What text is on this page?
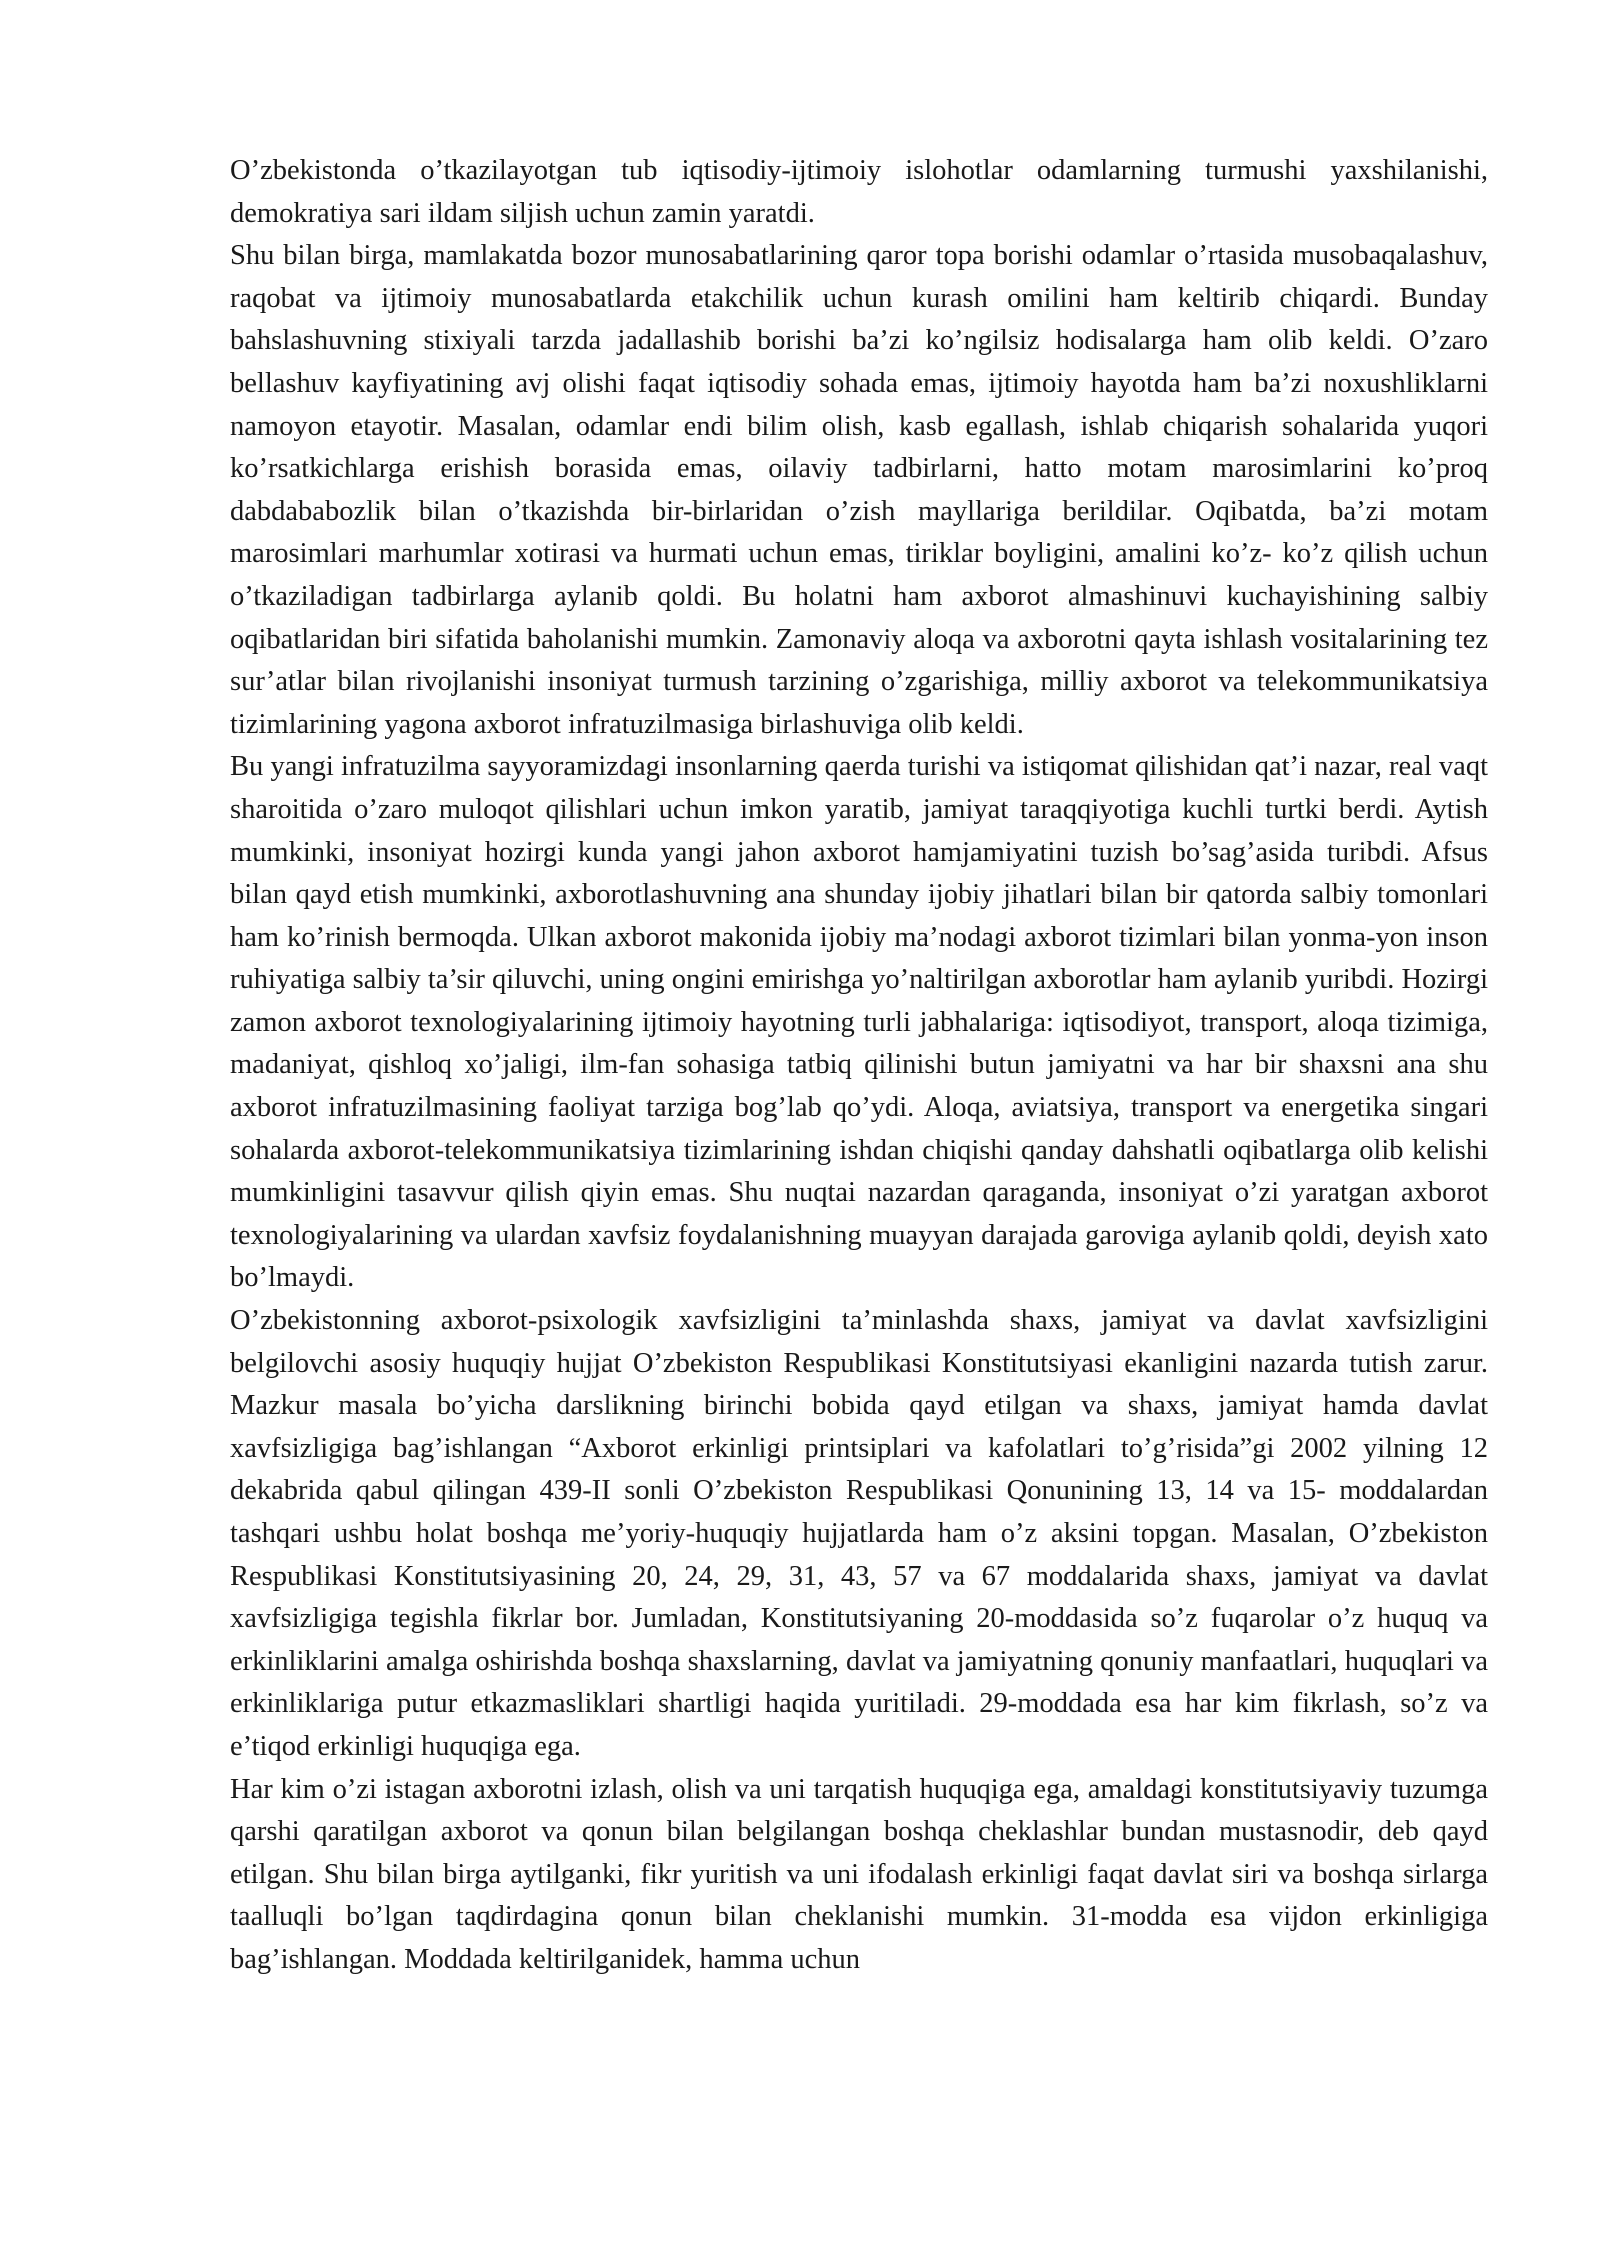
O’zbekistonda o’tkazilayotgan tub iqtisodiy-ijtimoiy islohotlar odamlarning turmushi yaxshilanishi, demokratiya sari ildam siljish uchun zamin yaratdi.

Shu bilan birga, mamlakatda bozor munosabatlarining qaror topa borishi odamlar o’rtasida musobaqalashuv, raqobat va ijtimoiy munosabatlarda etakchilik uchun kurash omilini ham keltirib chiqardi. Bunday bahslashuvning stixiyali tarzda jadallashib borishi ba’zi ko’ngilsiz hodisalarga ham olib keldi. O’zaro bellashuv kayfiyatining avj olishi faqat iqtisodiy sohada emas, ijtimoiy hayotda ham ba’zi noxushliklarni namoyon etayotir. Masalan, odamlar endi bilim olish, kasb egallash, ishlab chiqarish sohalarida yuqori ko’rsatkichlarga erishish borasida emas, oilaviy tadbirlarni, hatto motam marosimlarini ko’proq dabdababozlik bilan o’tkazishda bir-birlaridan o’zish mayllariga berildilar. Oqibatda, ba’zi motam marosimlari marhumlar xotirasi va hurmati uchun emas, tiriklar boyligini, amalini ko’z- ko’z qilish uchun o’tkaziladigan tadbirlarga aylanib qoldi. Bu holatni ham axborot almashinuvi kuchayishining salbiy oqibatlaridan biri sifatida baholanishi mumkin. Zamonaviy aloqa va axborotni qayta ishlash vositalarining tez sur’atlar bilan rivojlanishi insoniyat turmush tarzining o’zgarishiga, milliy axborot va telekommunikatsiya tizimlarining yagona axborot infratuzilmasiga birlashuviga olib keldi.

Bu yangi infratuzilma sayyoramizdagi insonlarning qaerda turishi va istiqomat qilishidan qat’i nazar, real vaqt sharoitida o’zaro muloqot qilishlari uchun imkon yaratib, jamiyat taraqqiyotiga kuchli turtki berdi. Aytish mumkinki, insoniyat hozirgi kunda yangi jahon axborot hamjamiyatini tuzish bo’sag’asida turibdi. Afsus bilan qayd etish mumkinki, axborotlashuvning ana shunday ijobiy jihatlari bilan bir qatorda salbiy tomonlari ham ko’rinish bermoqda. Ulkan axborot makonida ijobiy ma’nodagi axborot tizimlari bilan yonma-yon inson ruhiyatiga salbiy ta’sir qiluvchi, uning ongini emirishga yo’naltirilgan axborotlar ham aylanib yuribdi. Hozirgi zamon axborot texnologiyalarining ijtimoiy hayotning turli jabhalariga: iqtisodiyot, transport, aloqa tizimiga, madaniyat, qishloq xo’jaligi, ilm-fan sohasiga tatbiq qilinishi butun jamiyatni va har bir shaxsni ana shu axborot infratuzilmasining faoliyat tarziga bog’lab qo’ydi. Aloqa, aviatsiya, transport va energetika singari sohalarda axborot-telekommunikatsiya tizimlarining ishdan chiqishi qanday dahshatli oqibatlarga olib kelishi mumkinligini tasavvur qilish qiyin emas. Shu nuqtai nazardan qaraganda, insoniyat o’zi yaratgan axborot texnologiyalarining va ulardan xavfsiz foydalanishning muayyan darajada garoviga aylanib qoldi, deyish xato bo’lmaydi.

O’zbekistonning axborot-psixologik xavfsizligini ta’minlashda shaxs, jamiyat va davlat xavfsizligini belgilovchi asosiy huquqiy hujjat O’zbekiston Respublikasi Konstitutsiyasi ekanligini nazarda tutish zarur. Mazkur masala bo’yicha darslikning birinchi bobida qayd etilgan va shaxs, jamiyat hamda davlat xavfsizligiga bag’ishlangan “Axborot erkinligi printsiplari va kafolatlari to’g’risida”gi 2002 yilning 12 dekabrida qabul qilingan 439-II sonli O’zbekiston Respublikasi Qonunining 13, 14 va 15- moddalardan tashqari ushbu holat boshqa me’yoriy-huquqiy hujjatlarda ham o’z aksini topgan. Masalan, O’zbekiston Respublikasi Konstitutsiyasining 20, 24, 29, 31, 43, 57 va 67 moddalarida shaxs, jamiyat va davlat xavfsizligiga tegishla fikrlar bor. Jumladan, Konstitutsiyaning 20-moddasida so’z fuqarolar o’z huquq va erkinliklarini amalga oshirishda boshqa shaxslarning, davlat va jamiyatning qonuniy manfaatlari, huquqlari va erkinliklariga putur etkazmasliklari shartligi haqida yuritiladi. 29-moddada esa har kim fikrlash, so’z va e’tiqod erkinligi huquqiga ega.

Har kim o’zi istagan axborotni izlash, olish va uni tarqatish huquqiga ega, amaldagi konstitutsiyaviy tuzumga qarshi qaratilgan axborot va qonun bilan belgilangan boshqa cheklashlar bundan mustasnodir, deb qayd etilgan. Shu bilan birga aytilganki, fikr yuritish va uni ifodalash erkinligi faqat davlat siri va boshqa sirlarga taalluqli bo’lgan taqdirdagina qonun bilan cheklanishi mumkin. 31-modda esa vijdon erkinligiga bag’ishlangan. Moddada keltirilganidek, hamma uchun
